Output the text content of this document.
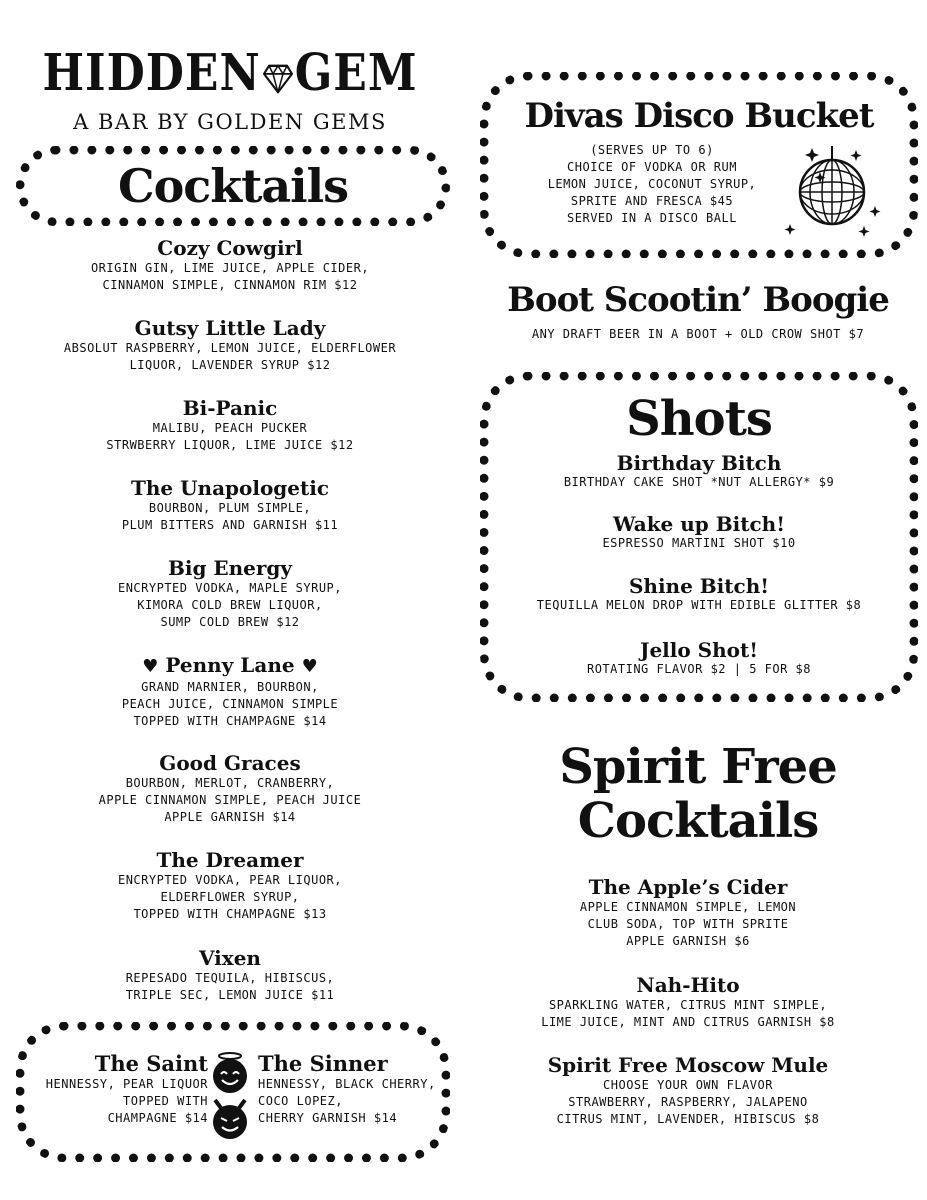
HIDDEN GEM
A BAR BY GOLDEN GEMS
Cocktails
Cozy Cowgirl
ORIGIN GIN, LIME JUICE, APPLE CIDER,
CINNAMON SIMPLE, CINNAMON RIM $12
Gutsy Little Lady
ABSOLUT RASPBERRY, LEMON JUICE, ELDERFLOWER
LIQUOR, LAVENDER SYRUP $12
Bi-Panic
MALIBU, PEACH PUCKER
STRWBERRY LIQUOR, LIME JUICE $12
The Unapologetic
BOURBON, PLUM SIMPLE,
PLUM BITTERS AND GARNISH $11
Big Energy
ENCRYPTED VODKA, MAPLE SYRUP,
KIMORA COLD BREW LIQUOR,
SUMP COLD BREW $12
♥ Penny Lane ♥
GRAND MARNIER, BOURBON,
PEACH JUICE, CINNAMON SIMPLE
TOPPED WITH CHAMPAGNE $14
Good Graces
BOURBON, MERLOT, CRANBERRY,
APPLE CINNAMON SIMPLE, PEACH JUICE
APPLE GARNISH $14
The Dreamer
ENCRYPTED VODKA, PEAR LIQUOR,
ELDERFLOWER SYRUP,
TOPPED WITH CHAMPAGNE $13
Vixen
REPESADO TEQUILA, HIBISCUS,
TRIPLE SEC, LEMON JUICE $11
The Saint
HENNESSY, PEAR LIQUOR
TOPPED WITH
CHAMPAGNE $14
The Sinner
HENNESSY, BLACK CHERRY,
COCO LOPEZ,
CHERRY GARNISH $14
Divas Disco Bucket
(SERVES UP TO 6)
CHOICE OF VODKA OR RUM
LEMON JUICE, COCONUT SYRUP,
SPRITE AND FRESCA $45
SERVED IN A DISCO BALL
Boot Scootin’ Boogie
ANY DRAFT BEER IN A BOOT + OLD CROW SHOT $7
Shots
Birthday Bitch
BIRTHDAY CAKE SHOT *NUT ALLERGY* $9
Wake up Bitch!
ESPRESSO MARTINI SHOT $10
Shine Bitch!
TEQUILLA MELON DROP WITH EDIBLE GLITTER $8
Jello Shot!
ROTATING FLAVOR $2 | 5 FOR $8
Spirit Free
Cocktails
The Apple’s Cider
APPLE CINNAMON SIMPLE, LEMON
CLUB SODA, TOP WITH SPRITE
APPLE GARNISH $6
Nah-Hito
SPARKLING WATER, CITRUS MINT SIMPLE,
LIME JUICE, MINT AND CITRUS GARNISH $8
Spirit Free Moscow Mule
CHOOSE YOUR OWN FLAVOR
STRAWBERRY, RASPBERRY, JALAPENO
CITRUS MINT, LAVENDER, HIBISCUS $8
